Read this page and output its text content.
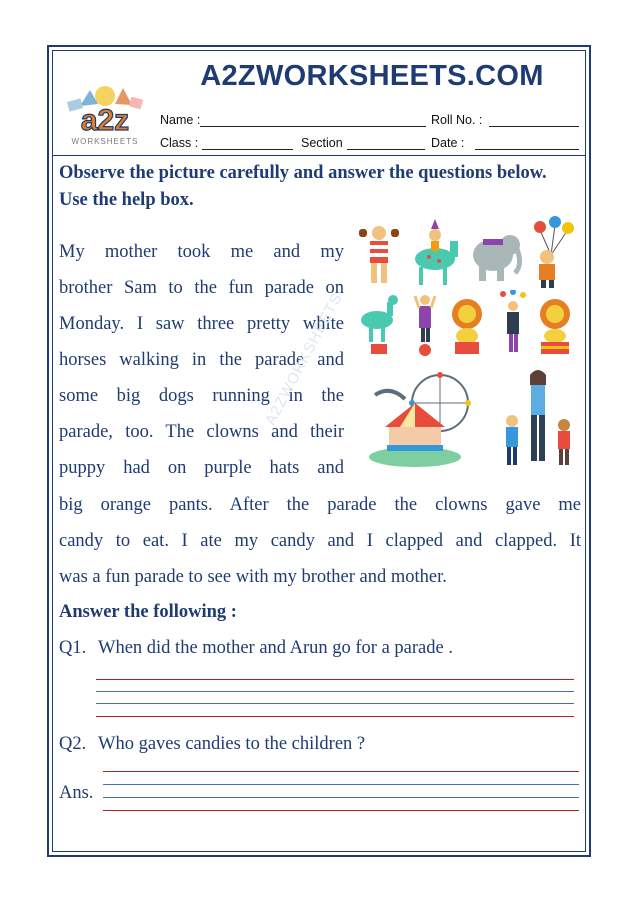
a2z
WORKSHEETS
A2ZWORKSHEETS.COM
Name :	Roll No. :
Class :	Section	Date :
Observe the picture carefully and answer the questions below. Use the help box.
My mother took me and my
brother Sam to the fun parade on
Monday. I saw three pretty white
horses walking in the parade and
some big dogs running in the
parade, too. The clowns and their
puppy had on purple hats and
big orange pants. After the parade the clowns gave me
candy to eat. I ate my candy and I clapped and clapped. It
was a fun parade to see with my brother and mother.
A2ZWORKSHEETS
Answer the following :
Q1. When did the mother and Arun go for a parade .
Q2. Who gaves candies to the children ?
Ans.
